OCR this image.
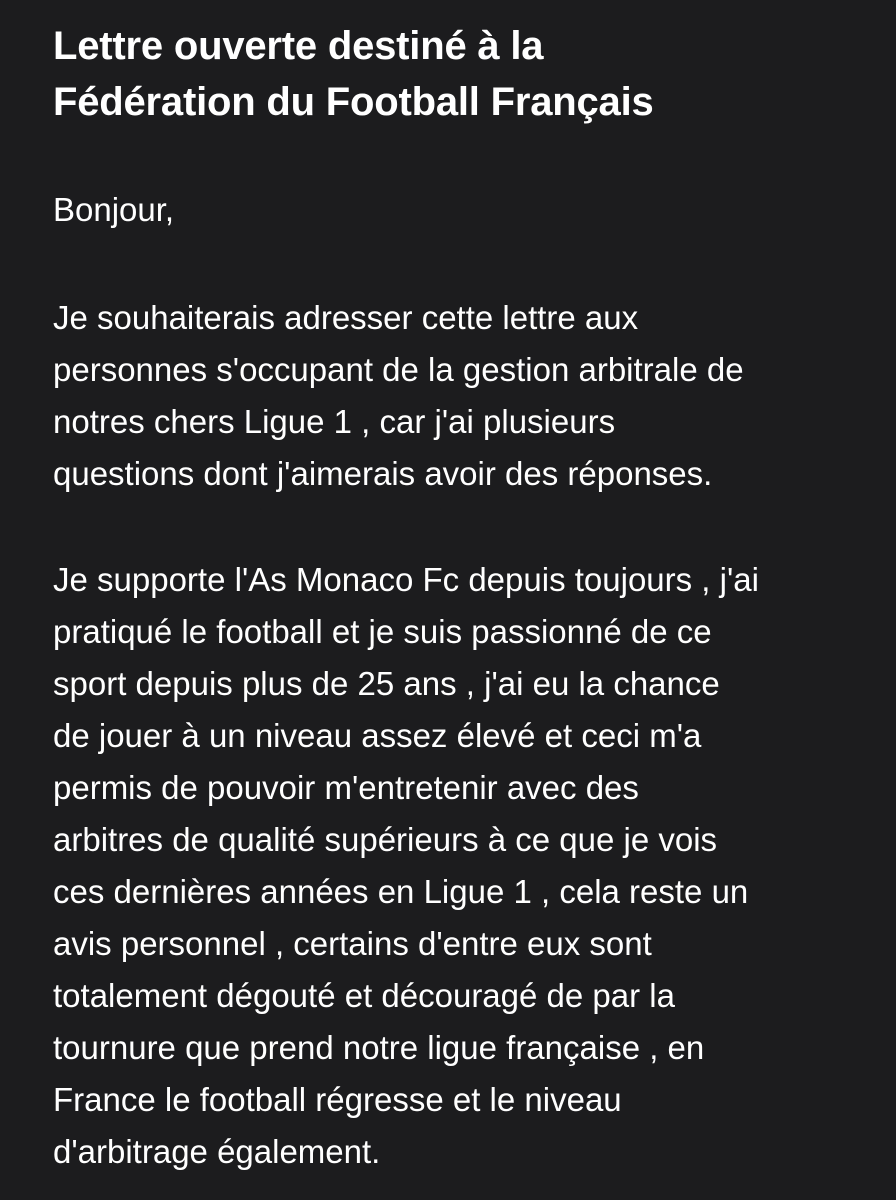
Lettre ouverte destiné à la
Fédération du Football Français

Bonjour,

Je souhaiterais adresser cette lettre aux

personnes s'occupant de la gestion arbitrale de

notres chers Ligue 1 , car j'ai plusieurs

questions dont j'aimerais avoir des réponses.

Je supporte l'As Monaco Fc depuis toujours , j'ai

pratiqué le football et je suis passionné de ce

sport depuis plus de 25 ans , j'ai eu la chance

de jouer à un niveau assez élevé et ceci m'a

permis de pouvoir m'entretenir avec des

arbitres de qualité supérieurs à ce que je vois

ces dernières années en Ligue 1 , cela reste un

avis personnel , certains d'entre eux sont

totalement dégouté et découragé de par la

tournure que prend notre ligue française , en

France le football régresse et le niveau

d'arbitrage également.
